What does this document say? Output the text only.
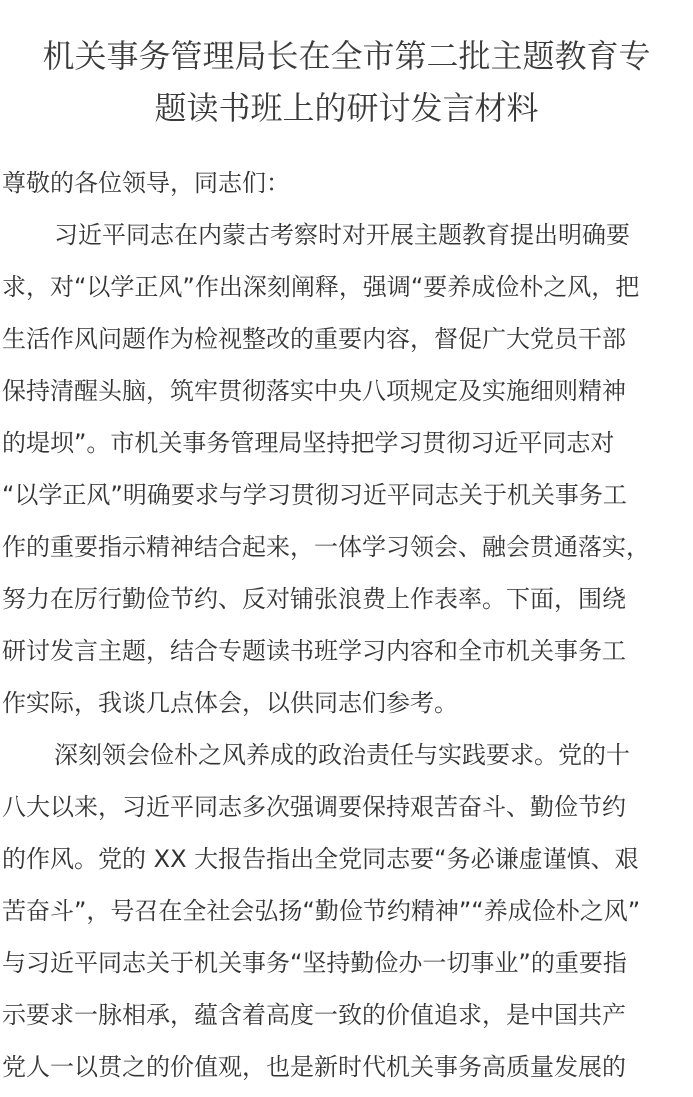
机关事务管理局长在全市第二批主题教育专
题读书班上的研讨发言材料
尊敬的各位领导，同志们：
习近平同志在内蒙古考察时对开展主题教育提出明确要
求，对“以学正风”作出深刻阐释，强调“要养成俭朴之风，把
生活作风问题作为检视整改的重要内容，督促广大党员干部
保持清醒头脑，筑牢贯彻落实中央八项规定及实施细则精神
的堤坝”。市机关事务管理局坚持把学习贯彻习近平同志对
“以学正风”明确要求与学习贯彻习近平同志关于机关事务工
作的重要指示精神结合起来，一体学习领会、融会贯通落实，
努力在厉行勤俭节约、反对铺张浪费上作表率。下面，围绕
研讨发言主题，结合专题读书班学习内容和全市机关事务工
作实际，我谈几点体会，以供同志们参考。
深刻领会俭朴之风养成的政治责任与实践要求。党的十
八大以来，习近平同志多次强调要保持艰苦奋斗、勤俭节约
的作风。党的 XX 大报告指出全党同志要“务必谦虚谨慎、艰
苦奋斗”，号召在全社会弘扬“勤俭节约精神”“养成俭朴之风”
与习近平同志关于机关事务“坚持勤俭办一切事业”的重要指
示要求一脉相承，蕴含着高度一致的价值追求，是中国共产
党人一以贯之的价值观，也是新时代机关事务高质量发展的
